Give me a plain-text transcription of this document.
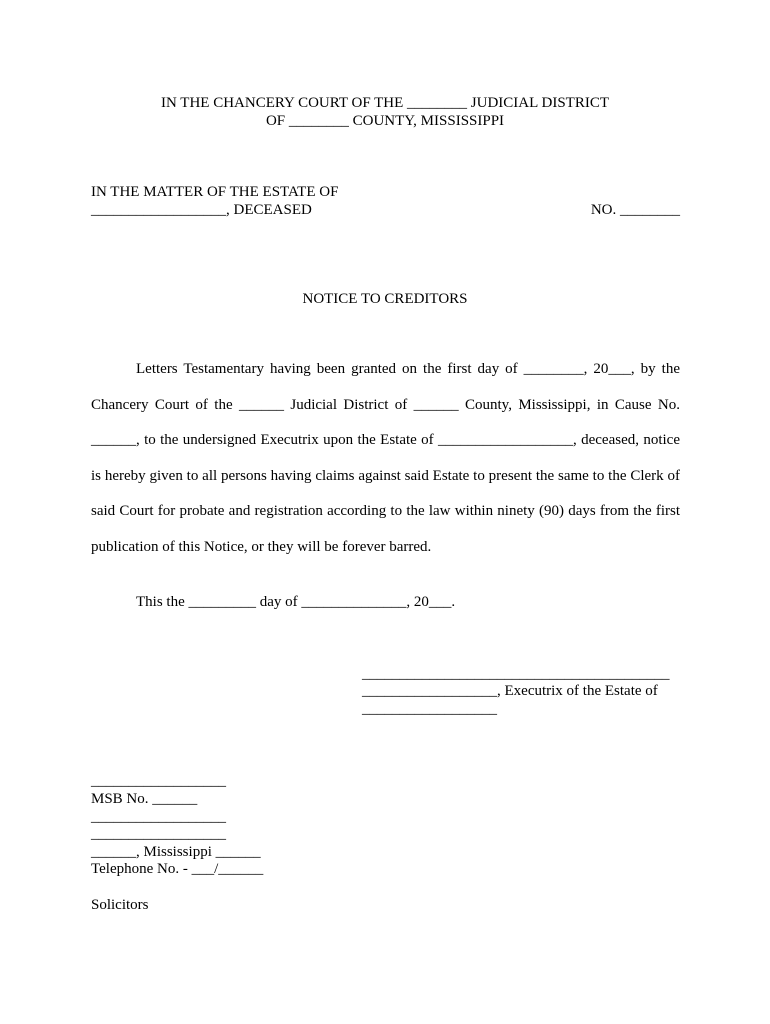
IN THE CHANCERY COURT OF THE ________ JUDICIAL DISTRICT
OF ________ COUNTY, MISSISSIPPI
IN THE MATTER OF THE ESTATE OF
__________________, DECEASED	NO. ________
NOTICE TO CREDITORS
Letters Testamentary having been granted on the first day of ________, 20___, by the Chancery Court of the ______ Judicial District of ______ County, Mississippi, in Cause No. ______, to the undersigned Executrix upon the Estate of __________________, deceased, notice is hereby given to all persons having claims against said Estate to present the same to the Clerk of said Court for probate and registration according to the law within ninety (90) days from the first publication of this Notice, or they will be forever barred.
This the _________ day of ______________, 20___.
_________________________________________
__________________, Executrix of the Estate of
__________________
__________________
MSB No. ______
__________________
__________________
______, Mississippi ______
Telephone No. - ___/______
Solicitors
